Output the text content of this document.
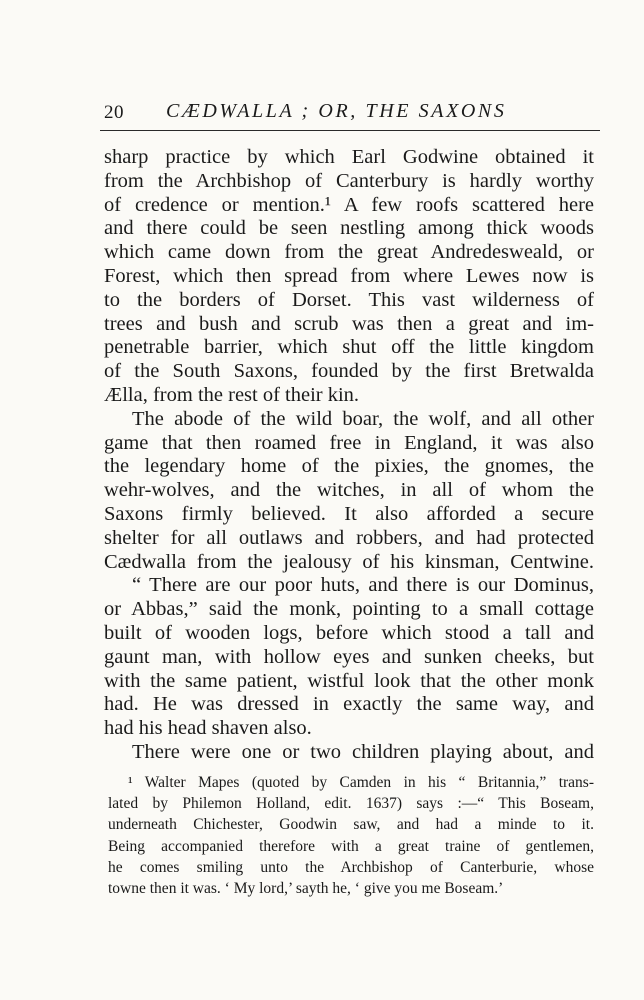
20 CÆDWALLA ; OR, THE SAXONS
sharp practice by which Earl Godwine obtained it
from the Archbishop of Canterbury is hardly worthy
of credence or mention.¹ A few roofs scattered here
and there could be seen nestling among thick woods
which came down from the great Andredesweald, or
Forest, which then spread from where Lewes now is
to the borders of Dorset. This vast wilderness of
trees and bush and scrub was then a great and im-
penetrable barrier, which shut off the little kingdom
of the South Saxons, founded by the first Bretwalda
Ælla, from the rest of their kin.
The abode of the wild boar, the wolf, and all other
game that then roamed free in England, it was also
the legendary home of the pixies, the gnomes, the
wehr-wolves, and the witches, in all of whom the
Saxons firmly believed. It also afforded a secure
shelter for all outlaws and robbers, and had protected
Cædwalla from the jealousy of his kinsman, Centwine.
“ There are our poor huts, and there is our Dominus,
or Abbas,” said the monk, pointing to a small cottage
built of wooden logs, before which stood a tall and
gaunt man, with hollow eyes and sunken cheeks, but
with the same patient, wistful look that the other monk
had. He was dressed in exactly the same way, and
had his head shaven also.
There were one or two children playing about, and
¹ Walter Mapes (quoted by Camden in his “ Britannia,” trans-
lated by Philemon Holland, edit. 1637) says :—“ This Boseam,
underneath Chichester, Goodwin saw, and had a minde to it.
Being accompanied therefore with a great traine of gentlemen,
he comes smiling unto the Archbishop of Canterburie, whose
towne then it was. ‘ My lord,’ sayth he, ‘ give you me Boseam.’
